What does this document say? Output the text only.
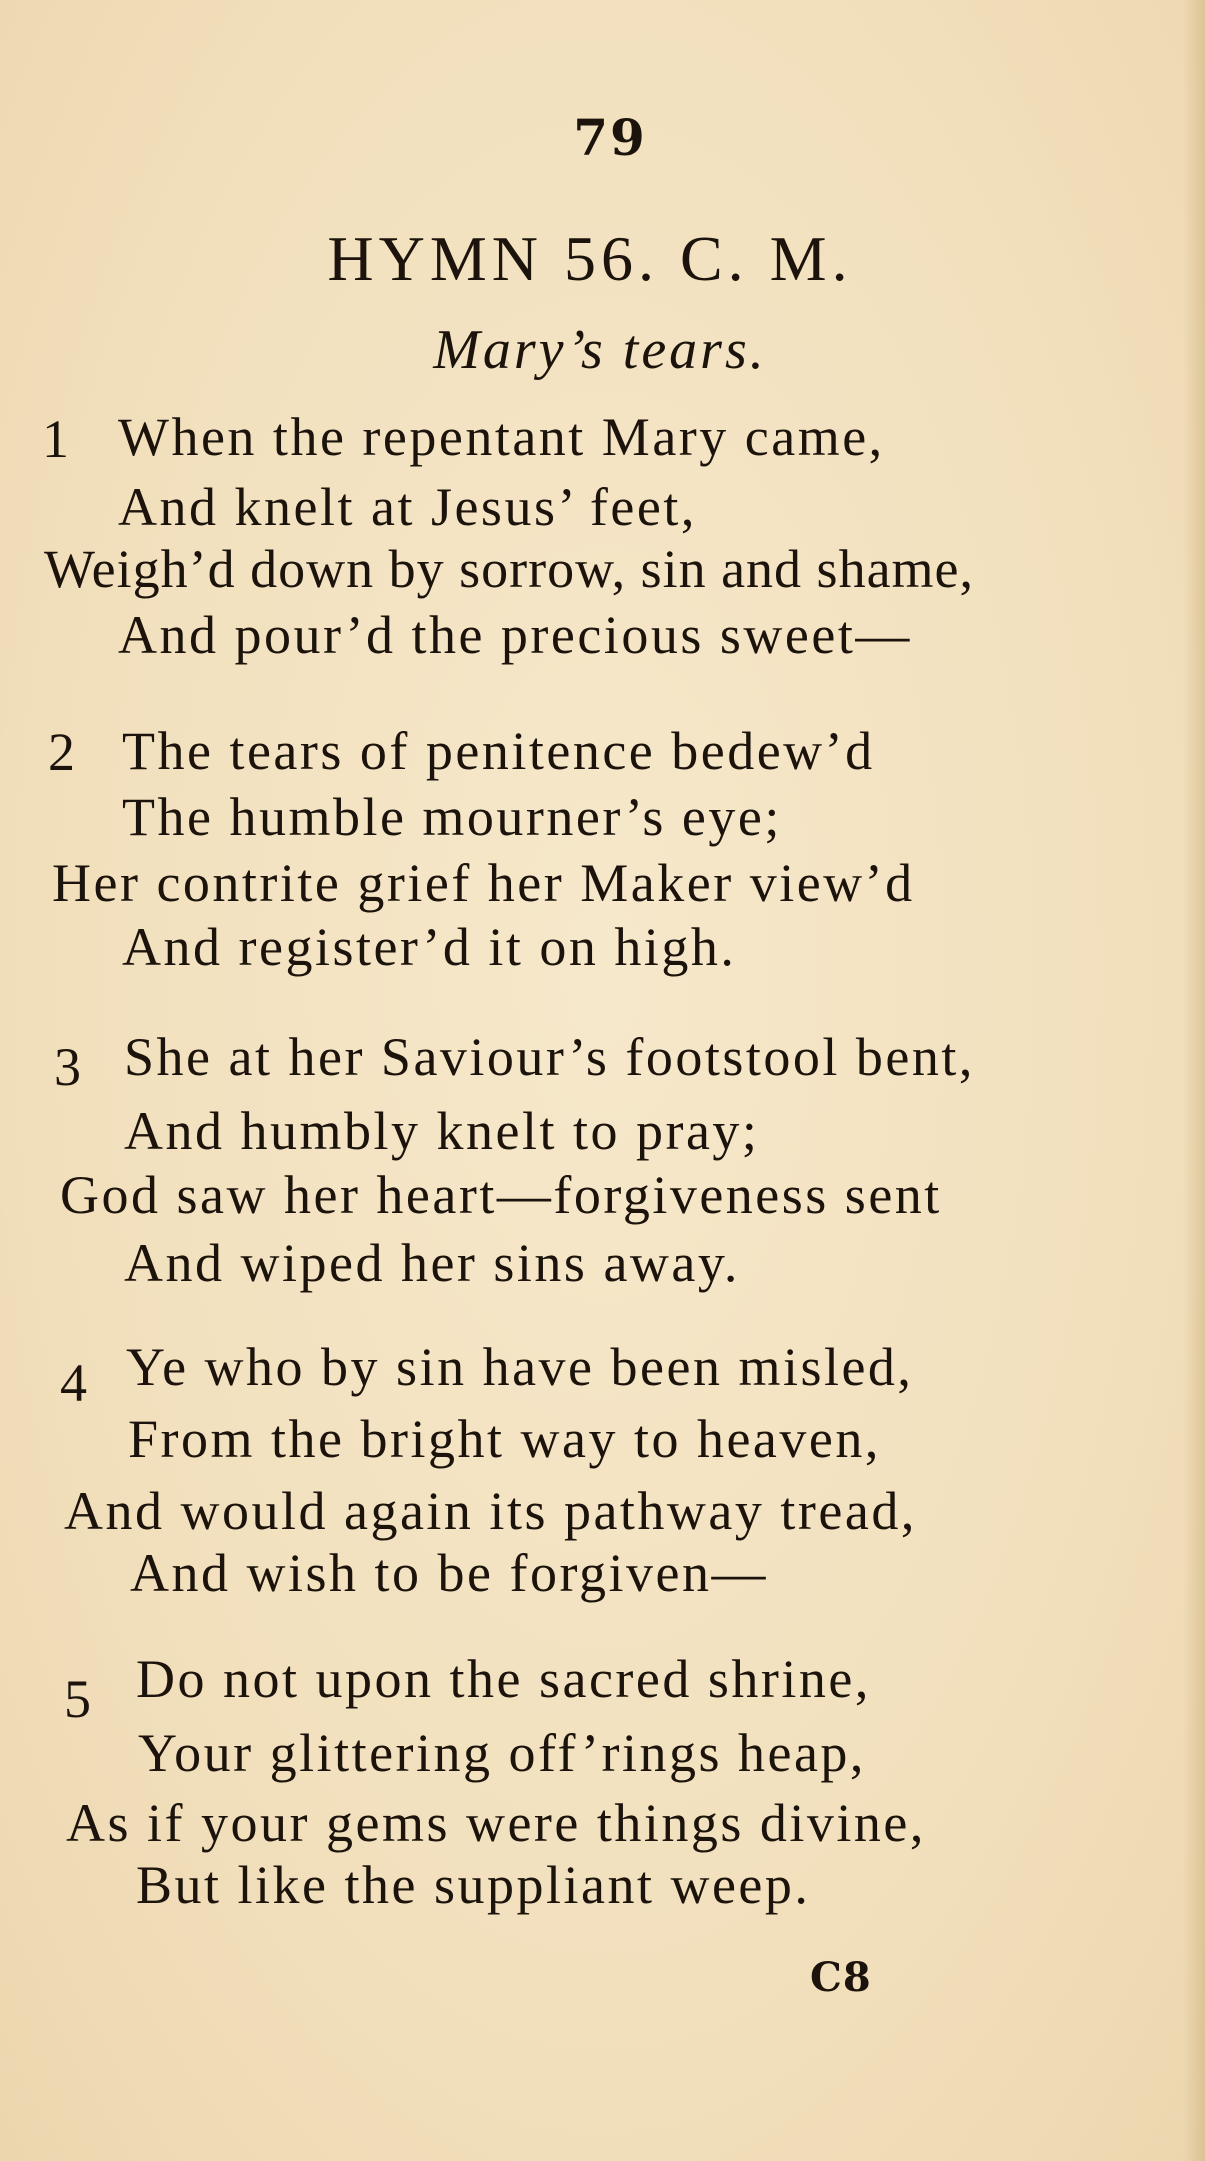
79
HYMN 56. C. M.
Mary’s tears.
1 When the repentant Mary came,
And knelt at Jesus’ feet,
Weigh’d down by sorrow, sin and shame,
And pour’d the precious sweet—
2 The tears of penitence bedew’d
The humble mourner’s eye;
Her contrite grief her Maker view’d
And register’d it on high.
3 She at her Saviour’s footstool bent,
And humbly knelt to pray;
God saw her heart—forgiveness sent
And wiped her sins away.
4 Ye who by sin have been misled,
From the bright way to heaven,
And would again its pathway tread,
And wish to be forgiven—
5 Do not upon the sacred shrine,
Your glittering off’rings heap,
As if your gems were things divine,
But like the suppliant weep.
C8
